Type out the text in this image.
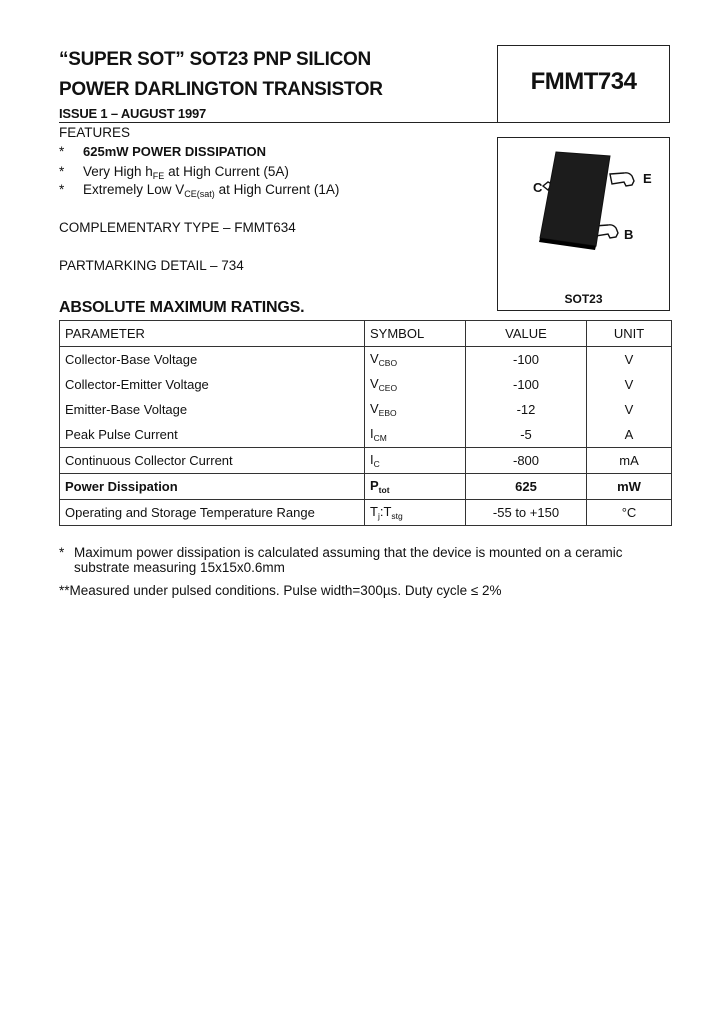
“SUPER SOT” SOT23 PNP SILICON
POWER DARLINGTON TRANSISTOR
ISSUE 1 – AUGUST 1997
FMMT734
FEATURES
* 625mW POWER DISSIPATION
* Very High $h_{FE}$ at High Current (5A)
* Extremely Low $V_{CE(sat)}$ at High Current (1A)
COMPLEMENTARY TYPE – FMMT634
PARTMARKING DETAIL – 734
C
E
B
SOT23
ABSOLUTE MAXIMUM RATINGS.
PARAMETER	SYMBOL	VALUE	UNIT
Collector-Base Voltage	$V_{CBO}$	-100	V
Collector-Emitter Voltage	$V_{CEO}$	-100	V
Emitter-Base Voltage	$V_{EBO}$	-12	V
Peak Pulse Current	$I_{CM}$	-5	A
Continuous Collector Current	$I_C$	-800	mA
Power Dissipation	$P_{tot}$	625	mW
Operating and Storage Temperature Range	$T_j:T_{stg}$	-55 to +150	°C
* Maximum power dissipation is calculated assuming that the device is mounted on a ceramic
substrate measuring 15x15x0.6mm
**Measured under pulsed conditions. Pulse width=300µs. Duty cycle ≤ 2%
